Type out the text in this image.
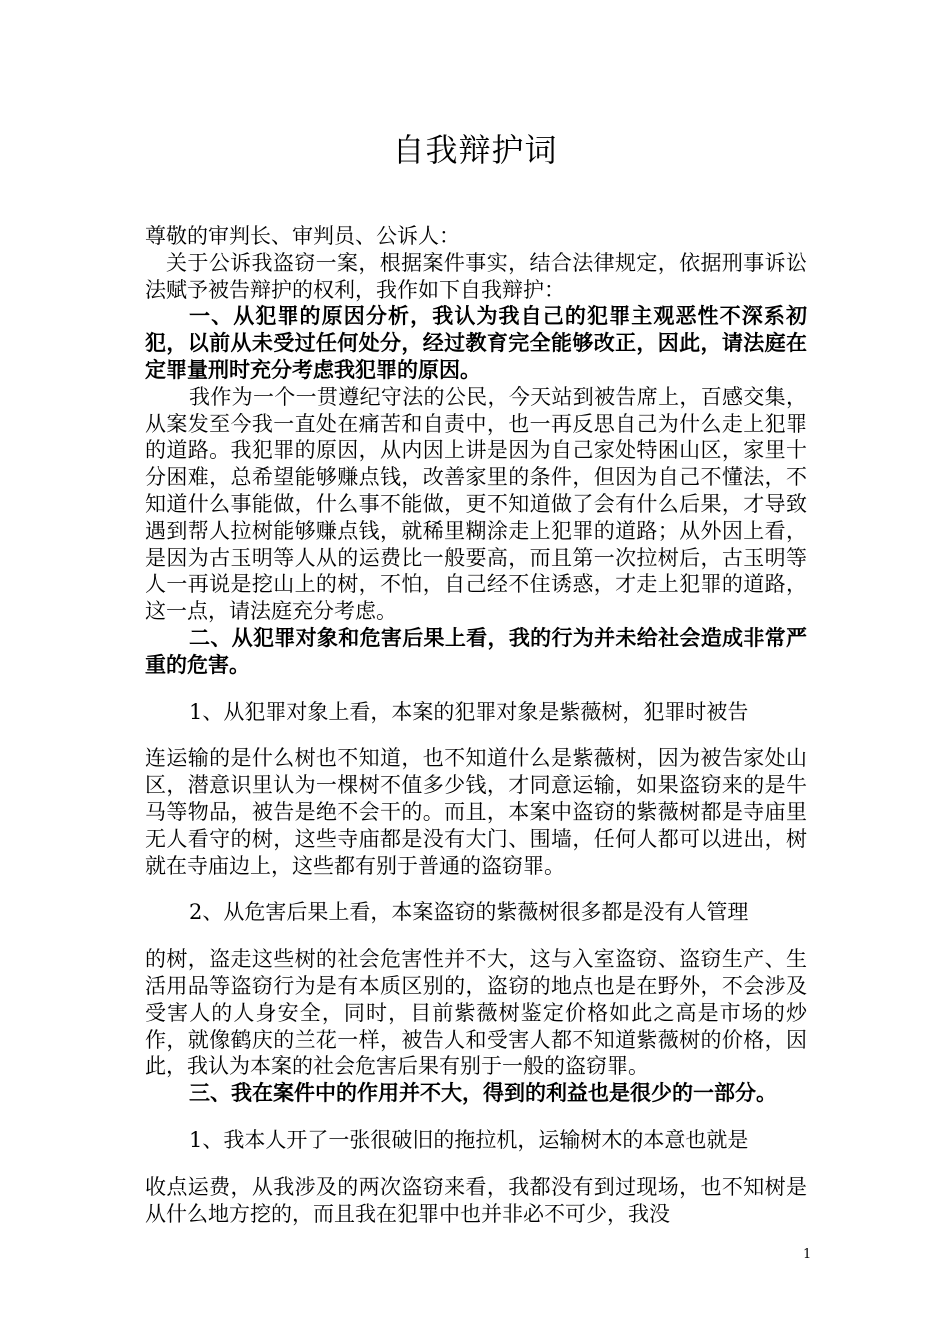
自我辩护词

尊敬的审判长、审判员、公诉人：

关于公诉我盗窃一案，根据案件事实，结合法律规定，依据刑事诉讼法赋予被告辩护的权利，我作如下自我辩护：

一、从犯罪的原因分析，我认为我自己的犯罪主观恶性不深系初犯，以前从未受过任何处分，经过教育完全能够改正，因此，请法庭在定罪量刑时充分考虑我犯罪的原因。

我作为一个一贯遵纪守法的公民，今天站到被告席上，百感交集，从案发至今我一直处在痛苦和自责中，也一再反思自己为什么走上犯罪的道路。我犯罪的原因，从内因上讲是因为自己家处特困山区，家里十分困难，总希望能够赚点钱，改善家里的条件，但因为自己不懂法，不知道什么事能做，什么事不能做，更不知道做了会有什么后果，才导致遇到帮人拉树能够赚点钱，就稀里糊涂走上犯罪的道路；从外因上看，是因为古玉明等人从的运费比一般要高，而且第一次拉树后，古玉明等人一再说是挖山上的树，不怕，自己经不住诱惑，才走上犯罪的道路，这一点，请法庭充分考虑。

二、从犯罪对象和危害后果上看，我的行为并未给社会造成非常严重的危害。

1、从犯罪对象上看，本案的犯罪对象是紫薇树，犯罪时被告

连运输的是什么树也不知道，也不知道什么是紫薇树，因为被告家处山区，潜意识里认为一棵树不值多少钱，才同意运输，如果盗窃来的是牛马等物品，被告是绝不会干的。而且，本案中盗窃的紫薇树都是寺庙里无人看守的树，这些寺庙都是没有大门、围墙，任何人都可以进出，树就在寺庙边上，这些都有别于普通的盗窃罪。

2、从危害后果上看，本案盗窃的紫薇树很多都是没有人管理

的树，盗走这些树的社会危害性并不大，这与入室盗窃、盗窃生产、生活用品等盗窃行为是有本质区别的，盗窃的地点也是在野外，不会涉及受害人的人身安全，同时，目前紫薇树鉴定价格如此之高是市场的炒作，就像鹤庆的兰花一样，被告人和受害人都不知道紫薇树的价格，因此，我认为本案的社会危害后果有别于一般的盗窃罪。

三、我在案件中的作用并不大，得到的利益也是很少的一部分。

1、我本人开了一张很破旧的拖拉机，运输树木的本意也就是

收点运费，从我涉及的两次盗窃来看，我都没有到过现场，也不知树是从什么地方挖的，而且我在犯罪中也并非必不可少，我没

1
